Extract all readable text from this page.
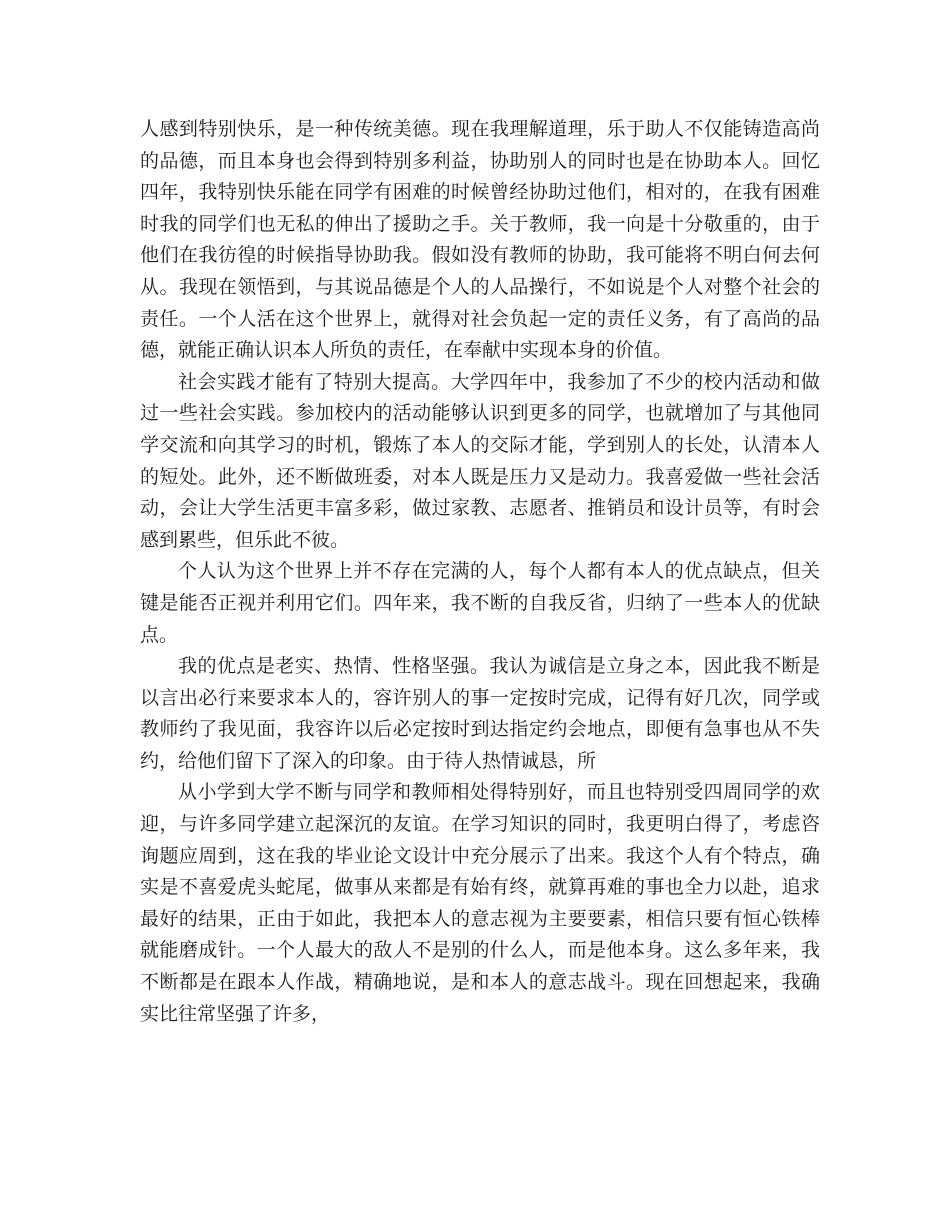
人感到特别快乐，是一种传统美德。现在我理解道理，乐于助人不仅能铸造高尚的品德，而且本身也会得到特别多利益，协助别人的同时也是在协助本人。回忆四年，我特别快乐能在同学有困难的时候曾经协助过他们，相对的，在我有困难时我的同学们也无私的伸出了援助之手。关于教师，我一向是十分敬重的，由于他们在我彷徨的时候指导协助我。假如没有教师的协助，我可能将不明白何去何从。我现在领悟到，与其说品德是个人的人品操行，不如说是个人对整个社会的责任。一个人活在这个世界上，就得对社会负起一定的责任义务，有了高尚的品德，就能正确认识本人所负的责任，在奉献中实现本身的价值。

社会实践才能有了特别大提高。大学四年中，我参加了不少的校内活动和做过一些社会实践。参加校内的活动能够认识到更多的同学，也就增加了与其他同学交流和向其学习的时机，锻炼了本人的交际才能，学到别人的长处，认清本人的短处。此外，还不断做班委，对本人既是压力又是动力。我喜爱做一些社会活动，会让大学生活更丰富多彩，做过家教、志愿者、推销员和设计员等，有时会感到累些，但乐此不彼。

个人认为这个世界上并不存在完满的人，每个人都有本人的优点缺点，但关键是能否正视并利用它们。四年来，我不断的自我反省，归纳了一些本人的优缺点。

我的优点是老实、热情、性格坚强。我认为诚信是立身之本，因此我不断是以言出必行来要求本人的，容许别人的事一定按时完成，记得有好几次，同学或教师约了我见面，我容许以后必定按时到达指定约会地点，即便有急事也从不失约，给他们留下了深入的印象。由于待人热情诚恳，所

从小学到大学不断与同学和教师相处得特别好，而且也特别受四周同学的欢迎，与许多同学建立起深沉的友谊。在学习知识的同时，我更明白得了，考虑咨询题应周到，这在我的毕业论文设计中充分展示了出来。我这个人有个特点，确实是不喜爱虎头蛇尾，做事从来都是有始有终，就算再难的事也全力以赴，追求最好的结果，正由于如此，我把本人的意志视为主要要素，相信只要有恒心铁棒就能磨成针。一个人最大的敌人不是别的什么人，而是他本身。这么多年来，我不断都是在跟本人作战，精确地说，是和本人的意志战斗。现在回想起来，我确实比往常坚强了许多，
